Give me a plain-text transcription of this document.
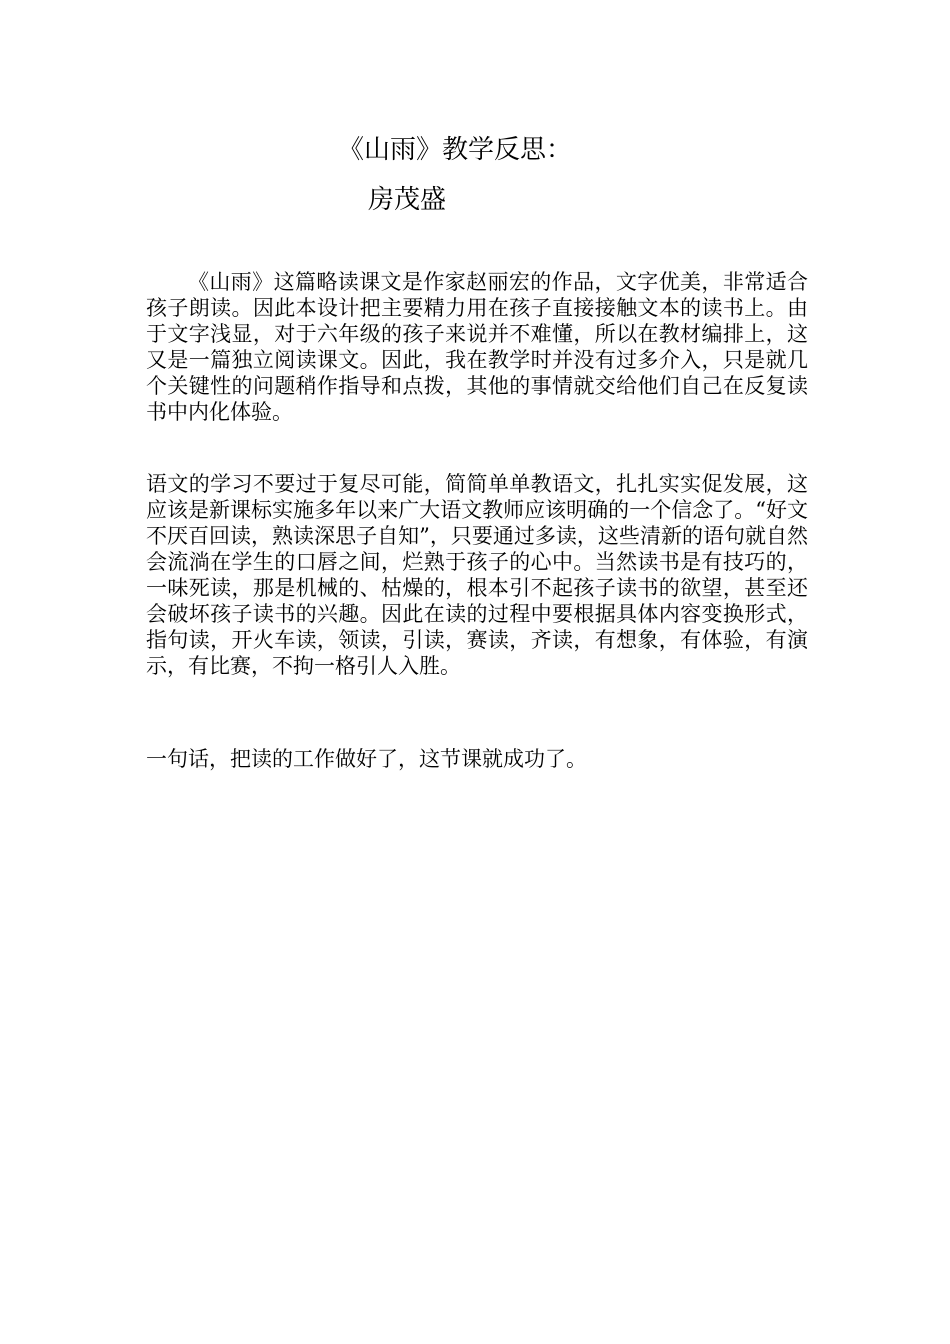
《山雨》教学反思：
房茂盛

《山雨》这篇略读课文是作家赵丽宏的作品，文字优美，非常适合孩子朗读。因此本设计把主要精力用在孩子直接接触文本的读书上。由于文字浅显，对于六年级的孩子来说并不难懂，所以在教材编排上，这又是一篇独立阅读课文。因此，我在教学时并没有过多介入，只是就几个关键性的问题稍作指导和点拨，其他的事情就交给他们自己在反复读书中内化体验。

语文的学习不要过于复尽可能，简简单单教语文，扎扎实实促发展，这应该是新课标实施多年以来广大语文教师应该明确的一个信念了。“好文不厌百回读，熟读深思子自知”，只要通过多读，这些清新的语句就自然会流淌在学生的口唇之间，烂熟于孩子的心中。当然读书是有技巧的，一味死读，那是机械的、枯燥的，根本引不起孩子读书的欲望，甚至还会破坏孩子读书的兴趣。因此在读的过程中要根据具体内容变换形式，指句读，开火车读，领读，引读，赛读，齐读，有想象，有体验，有演示，有比赛，不拘一格引人入胜。

一句话，把读的工作做好了，这节课就成功了。
